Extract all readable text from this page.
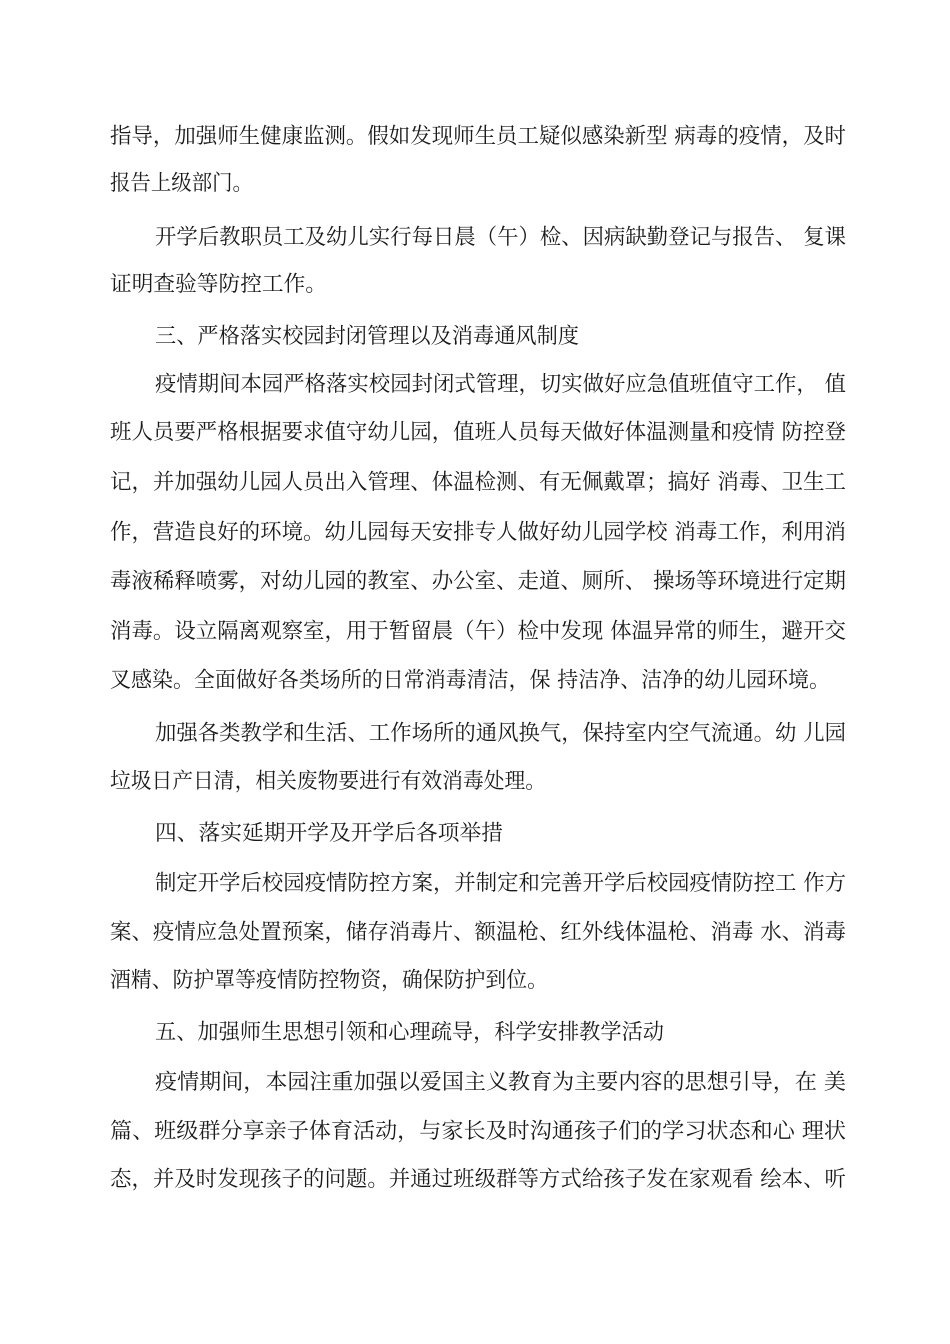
指导，加强师生健康监测。假如发现师生员工疑似感染新型 病毒的疫情，及时
报告上级部门。
开学后教职员工及幼儿实行每日晨（午）检、因病缺勤登记与报告、 复课
证明查验等防控工作。
三、严格落实校园封闭管理以及消毒通风制度
疫情期间本园严格落实校园封闭式管理，切实做好应急值班值守工作， 值
班人员要严格根据要求值守幼儿园，值班人员每天做好体温测量和疫情 防控登
记，并加强幼儿园人员出入管理、体温检测、有无佩戴罩；搞好 消毒、卫生工
作，营造良好的环境。幼儿园每天安排专人做好幼儿园学校 消毒工作，利用消
毒液稀释喷雾，对幼儿园的教室、办公室、走道、厕所、 操场等环境进行定期
消毒。设立隔离观察室，用于暂留晨（午）检中发现 体温异常的师生，避开交
叉感染。全面做好各类场所的日常消毒清洁，保 持洁净、洁净的幼儿园环境。
加强各类教学和生活、工作场所的通风换气，保持室内空气流通。幼 儿园
垃圾日产日清，相关废物要进行有效消毒处理。
四、落实延期开学及开学后各项举措
制定开学后校园疫情防控方案，并制定和完善开学后校园疫情防控工 作方
案、疫情应急处置预案，储存消毒片、额温枪、红外线体温枪、消毒 水、消毒
酒精、防护罩等疫情防控物资，确保防护到位。
五、加强师生思想引领和心理疏导，科学安排教学活动
疫情期间，本园注重加强以爱国主义教育为主要内容的思想引导，在 美
篇、班级群分享亲子体育活动，与家长及时沟通孩子们的学习状态和心 理状
态，并及时发现孩子的问题。并通过班级群等方式给孩子发在家观看 绘本、听
